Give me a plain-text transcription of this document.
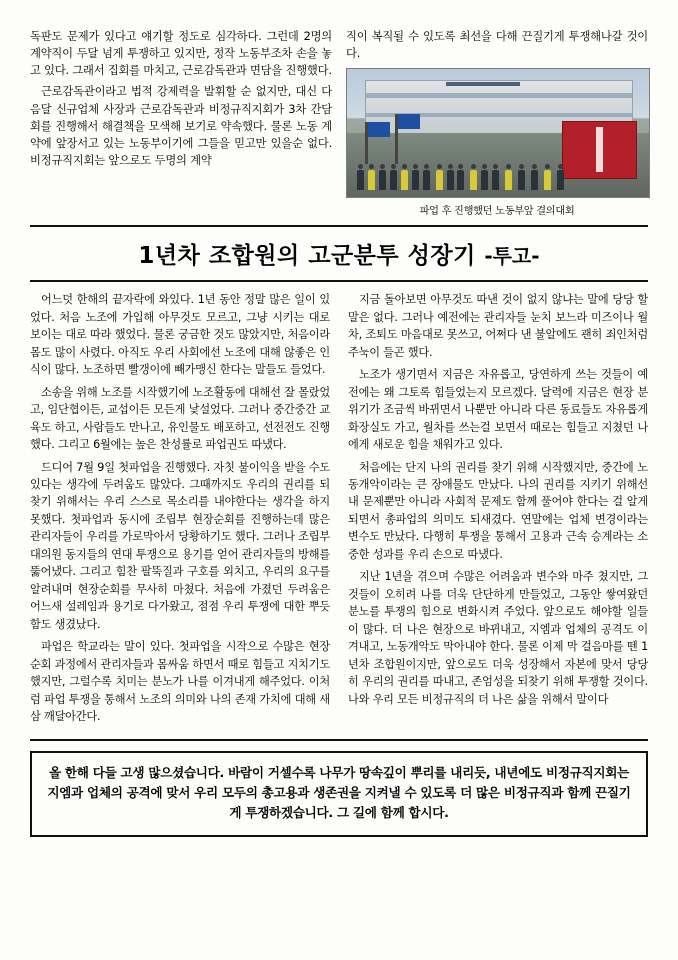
독판도 문제가 있다고 얘기할 정도로 심각하다. 그런데 2명의 계약직이 두달 넘게 투쟁하고 있지만, 정작 노동부조차 손을 놓고 있다. 그래서 집회를 마치고, 근로감독관과 면담을 진행했다.

근로감독관이라고 법적 강제력을 발휘할 순 없지만, 대신 다음달 신규업체 사장과 근로감독관과 비정규직지회가 3차 간담회를 진행해서 해결책을 모색해 보기로 약속했다. 물론 노동 계약에 앞장서고 있는 노동부이기에 그들을 믿고만 있을순 없다. 비정규직지회는 앞으로도 두명의 계약

직이 복직될 수 있도록 최선을 다해 끈질기게 투쟁해나갈 것이다.

파업 후 진행했던 노동부앞 결의대회
1년차 조합원의 고군분투 성장기 -투고-

어느덧 한해의 끝자락에 와있다. 1년 동안 정말 많은 일이 있었다. 처음 노조에 가입해 아무것도 모르고, 그냥 시키는 대로 보이는 대로 따라 했었다. 물론 궁금한 것도 많았지만, 처음이라 몸도 많이 사렸다. 아직도 우리 사회에선 노조에 대해 않좋은 인식이 많다. 노조하면 빨갱이에 빼가맹신 한다는 말들도 들었다.

소송을 위해 노조를 시작했기에 노조활동에 대해선 잘 몰랐었고, 임단협이든, 교섭이든 모든게 낯설었다. 그러나 중간중간 교육도 하고, 사람들도 만나고, 유인물도 배포하고, 선전전도 진행했다. 그리고 6월에는 높은 찬성률로 파업권도 따냈다.

드디어 7월 9일 첫파업을 진행했다. 자칫 불이익을 받을 수도 있다는 생각에 두려움도 많았다. 그때까지도 우리의 권리를 되찾기 위해서는 우리 스스로 목소리를 내야한다는 생각을 하지 못했다. 첫파업과 동시에 조립부 현장순회를 진행하는데 많은 관리자들이 우리를 가로막아서 당황하기도 했다. 그러나 조립부 대의원 동지들의 연대 투쟁으로 용기를 얻어 관리자들의 방해를 뚫어냈다. 그리고 힘찬 팔뚝질과 구호를 외치고, 우리의 요구를 알려내며 현장순회를 무사히 마쳤다. 처음에 가졌던 두려움은 어느새 설레임과 용기로 다가왔고, 점점 우리 투쟁에 대한 뿌듯함도 생겼났다.

파업은 학교라는 말이 있다. 첫파업을 시작으로 수많은 현장순회 과정에서 관리자들과 몸싸움 하면서 때로 힘들고 지치기도 했지만, 그럴수록 치미는 분노가 나를 이겨내게 해주었다. 이처럼 파업 투쟁을 통해서 노조의 의미와 나의 존재 가치에 대해 새삼 깨달아간다.

지금 돌아보면 아무것도 따낸 것이 없지 않냐는 말에 당당 할 말은 없다. 그러나 예전에는 관리자들 눈치 보느라 미즈이나 월차, 조퇴도 마음대로 못쓰고, 어쩌다 낸 불알에도 괜히 죄인처럼 주눅이 들곤 했다.

노조가 생기면서 지금은 자유롭고, 당연하게 쓰는 것들이 예전에는 왜 그토록 힘들었는지 모르겠다. 달력에 지금은 현장 분위기가 조금씩 바뀌면서 나뿐만 아니라 다른 동료들도 자유롭게 화장실도 가고, 월차를 쓰는걸 보면서 때로는 힘들고 지쳤던 나에게 새로운 힘을 채워가고 있다.

처음에는 단지 나의 권리를 찾기 위해 시작했지만, 중간에 노동개악이라는 큰 장애물도 만났다. 나의 권리를 지키기 위해선 내 문제뿐만 아니라 사회적 문제도 함께 풀어야 한다는 걸 알게 되면서 총파업의 의미도 되새겼다. 연말에는 업체 변경이라는 변수도 만났다. 다행히 투쟁을 통해서 고용과 근속 승계라는 소중한 성과를 우리 손으로 따냈다.

지난 1년을 겪으며 수많은 어려움과 변수와 마주 쳤지만, 그것들이 오히려 나를 더욱 단단하게 만들었고, 그동안 쌓여왔던 분노를 투쟁의 힘으로 변화시켜 주었다. 앞으로도 해야할 일들이 많다. 더 나은 현장으로 바뀌내고, 지엠과 업체의 공격도 이겨내고, 노동개악도 막아내야 한다. 물론 이제 막 걸음마를 뗀 1년차 조합원이지만, 앞으로도 더욱 성장해서 자본에 맞서 당당히 우리의 권리를 따내고, 존엄성을 되찾기 위해 투쟁할 것이다. 나와 우리 모든 비정규직의 더 나은 삶을 위해서 말이다

올 한해 다들 고생 많으셨습니다. 바람이 거셀수록 나무가 땅속깊이 뿌리를 내리듯, 내년에도 비정규직지회는 지엠과 업체의 공격에 맞서 우리 모두의 총고용과 생존권을 지켜낼 수 있도록 더 많은 비정규직과 함께 끈질기게 투쟁하겠습니다. 그 길에 함께 합시다.
